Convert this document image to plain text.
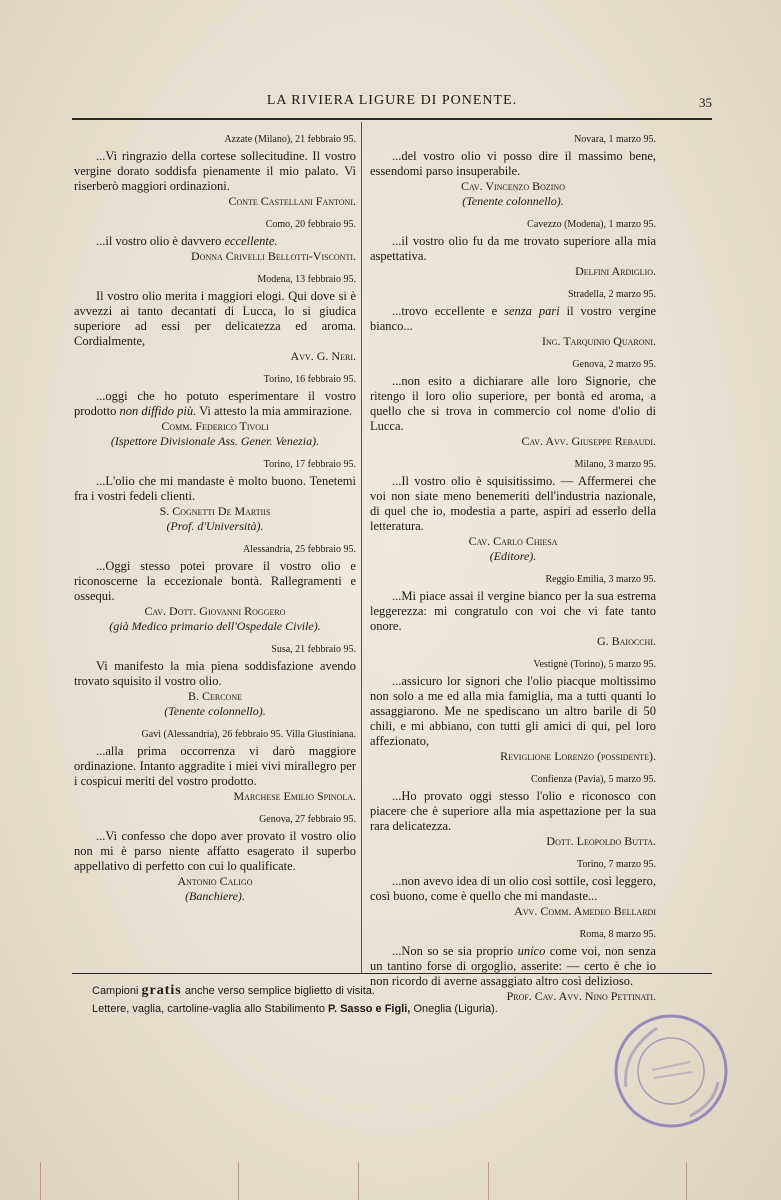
LA RIVIERA LIGURE DI PONENTE.	35
Azzate (Milano), 21 febbraio 95.
...Vi ringrazio della cortese sollecitudine. Il vostro vergine dorato soddisfa pienamente il mio palato. Vi riserberò maggiori ordinazioni.
Conte Castellani Fantoni.
Como, 20 febbraio 95.
...il vostro olio è davvero eccellente.
Donna Crivelli Bellotti-Visconti.
Modena, 13 febbraio 95.
Il vostro olio merita i maggiori elogi. Qui dove si è avvezzi ai tanto decantati di Lucca, lo si giudica superiore ad essi per delicatezza ed aroma. Cordialmente,
Avv. G. Neri.
Torino, 16 febbraio 95.
...oggi che ho potuto esperimentare il vostro prodotto non diffido più. Vi attesto la mia ammirazione.
Comm. Federico Tivoli
(Ispettore Divisionale Ass. Gener. Venezia).
Torino, 17 febbraio 95.
...L'olio che mi mandaste è molto buono. Tenetemi fra i vostri fedeli clienti.
S. Cognetti De Martiis
(Prof. d'Università).
Alessandria, 25 febbraio 95.
...Oggi stesso potei provare il vostro olio e riconoscerne la eccezionale bontà. Rallegramenti e ossequi.
Cav. Dott. Giovanni Roggero
(già Medico primario dell'Ospedale Civile).
Susa, 21 febbraio 95.
Vi manifesto la mia piena soddisfazione avendo trovato squisito il vostro olio.
B. Cercone
(Tenente colonnello).
Gavi (Alessandria), 26 febbraio 95. Villa Giustiniana.
...alla prima occorrenza vi darò maggiore ordinazione. Intanto aggradite i miei vivi mirallegro per i cospicui meriti del vostro prodotto.
Marchese Emilio Spinola.
Genova, 27 febbraio 95.
...Vi confesso che dopo aver provato il vostro olio non mi è parso niente affatto esagerato il superbo appellativo di perfetto con cui lo qualificate.
Antonio Caligo
(Banchiere).
Novara, 1 marzo 95.
...del vostro olio vi posso dire il massimo bene, essendomi parso insuperabile.
Cav. Vincenzo Bozino
(Tenente colonnello).
Cavezzo (Modena), 1 marzo 95.
...il vostro olio fu da me trovato superiore alla mia aspettativa.
Delfini Ardiglio.
Stradella, 2 marzo 95.
...trovo eccellente e senza pari il vostro vergine bianco...
Ing. Tarquinio Quaroni.
Genova, 2 marzo 95.
...non esito a dichiarare alle loro Signorie, che ritengo il loro olio superiore, per bontà ed aroma, a quello che si trova in commercio col nome d'olio di Lucca.
Cav. Avv. Giuseppe Rebaudi.
Milano, 3 marzo 95.
...Il vostro olio è squisitissimo. — Affermerei che voi non siate meno benemeriti dell'industria nazionale, di quel che io, modestia a parte, aspiri ad esserlo della letteratura.
Cav. Carlo Chiesa
(Editore).
Reggio Emilia, 3 marzo 95.
...Mi piace assai il vergine bianco per la sua estrema leggerezza: mi congratulo con voi che vi fate tanto onore.
G. Baiocchi.
Vestignè (Torino), 5 marzo 95.
...assicuro lor signori che l'olio piacque moltissimo non solo a me ed alla mia famiglia, ma a tutti quanti lo assaggiarono. Me ne spediscano un altro barile di 50 chili, e mi abbiano, con tutti gli amici di qui, pel loro affezionato,
Reviglione Lorenzo (possidente).
Confienza (Pavia), 5 marzo 95.
...Ho provato oggi stesso l'olio e riconosco con piacere che è superiore alla mia aspettazione per la sua rara delicatezza.
Dott. Leopoldo Butta.
Torino, 7 marzo 95.
...non avevo idea di un olio così sottile, così leggero, così buono, come è quello che mi mandaste...
Avv. Comm. Amedeo Bellardi
Roma, 8 marzo 95.
...Non so se sia proprio unico come voi, non senza un tantino forse di orgoglio, asserite: — certo è che io non ricordo di averne assaggiato altro così delizioso.
Prof. Cav. Avv. Nino Pettinati.
Campioni gratis anche verso semplice biglietto di visita.
Lettere, vaglia, cartoline-vaglia allo Stabilimento P. Sasso e Figli, Oneglia (Liguria).
